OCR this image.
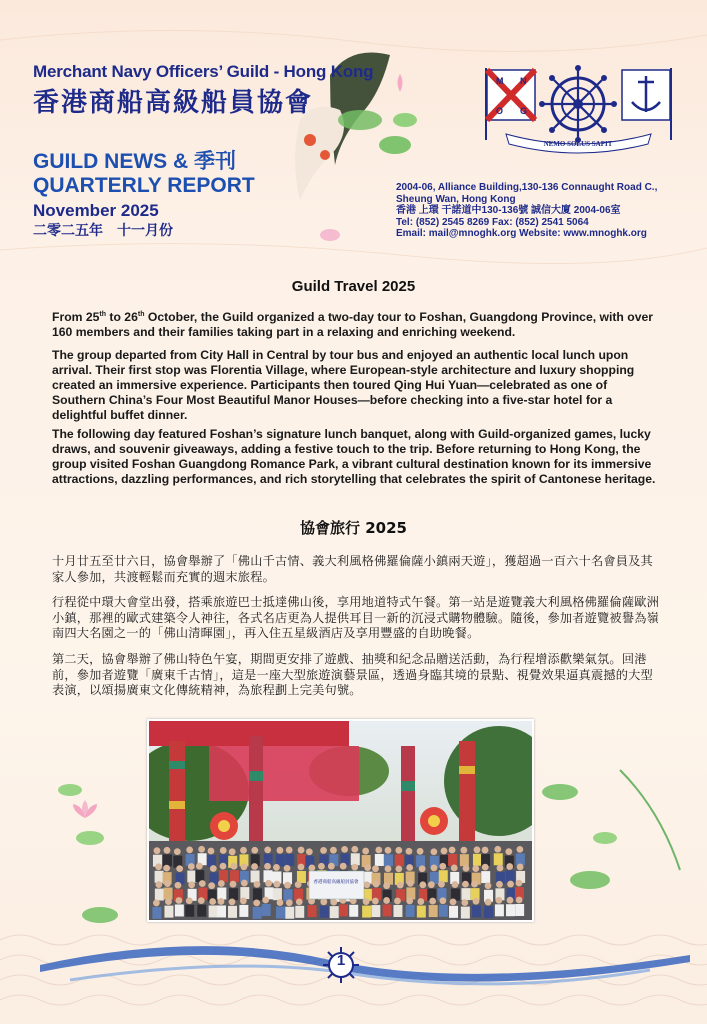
Merchant Navy Officers’ Guild - Hong Kong
香港商船高級船員協會
GUILD NEWS & 季刊
QUARTERLY REPORT
November 2025
二零二五年　十一月份
2004-06, Alliance Building,130-136 Connaught Road C.,
Sheung Wan, Hong Kong
香港 上環 干諾道中130-136號 誠信大廈 2004-06室
Tel: (852) 2545 8269 Fax: (852) 2541 5064
Email: mail@mnoghk.org Website: www.mnoghk.org
M N
O G
NEMO SOLUS SAPIT
Guild Travel 2025
From 25th to 26th October, the Guild organized a two-day tour to Foshan, Guangdong Province, with over 160 members and their families taking part in a relaxing and enriching weekend.
The group departed from City Hall in Central by tour bus and enjoyed an authentic local lunch upon arrival. Their first stop was Florentia Village, where European-style architecture and luxury shopping created an immersive experience. Participants then toured Qing Hui Yuan—celebrated as one of Southern China’s Four Most Beautiful Manor Houses—before checking into a five-star hotel for a delightful buffet dinner.
The following day featured Foshan’s signature lunch banquet, along with Guild-organized games, lucky draws, and souvenir giveaways, adding a festive touch to the trip. Before returning to Hong Kong, the group visited Foshan Guangdong Romance Park, a vibrant cultural destination known for its immersive attractions, dazzling performances, and rich storytelling that celebrates the spirit of Cantonese heritage.
協會旅行 2025
十月廿五至廿六日，協會舉辦了「佛山千古情、義大利風格佛羅倫薩小鎮兩天遊」，獲超過一百六十名會員及其家人參加，共渡輕鬆而充實的週末旅程。
行程從中環大會堂出發，搭乘旅遊巴士抵達佛山後，享用地道特式午餐。第一站是遊覽義大利風格佛羅倫薩歐洲小鎮，那裡的歐式建築令人神往，各式名店更為人提供耳目一新的沉浸式購物體驗。隨後，參加者遊覽被譽為嶺南四大名園之一的「佛山清暉園」，再入住五星級酒店及享用豐盛的自助晚餐。
第二天，協會舉辦了佛山特色午宴，期間更安排了遊戲、抽獎和紀念品贈送活動，為行程增添歡樂氣氛。回港前，參加者遊覽「廣東千古情」，這是一座大型旅遊演藝景區，透過身臨其境的景點、視覺效果逼真震撼的大型表演，以頌揚廣東文化傳統精神，為旅程劃上完美句號。
香港商船高級船員協會
1
